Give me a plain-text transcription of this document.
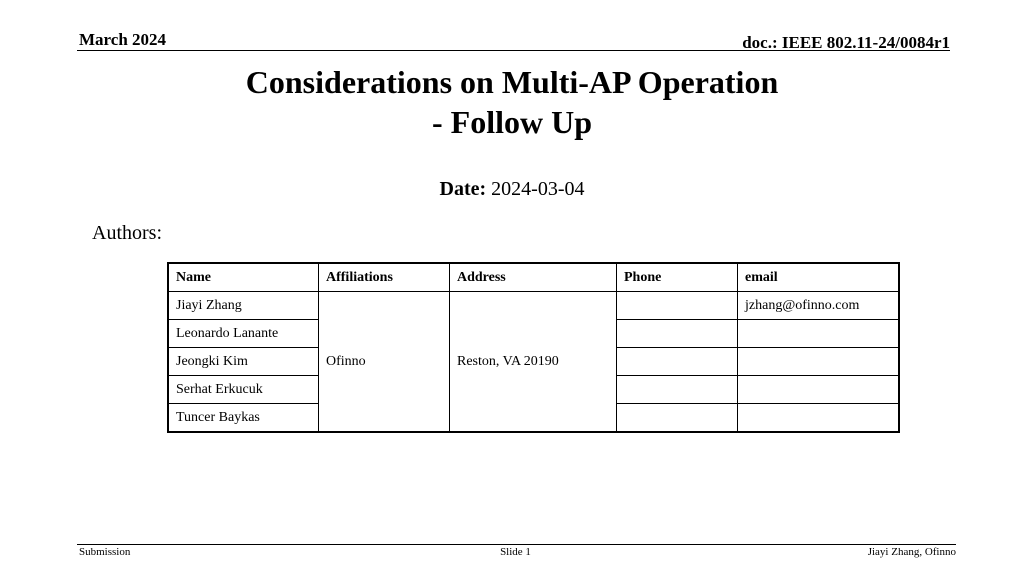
March 2024	doc.: IEEE 802.11-24/0084r1
Considerations on Multi-AP Operation
- Follow Up
Date: 2024-03-04
Authors:
Name	Affiliations	Address	Phone	email
Jiayi Zhang	Ofinno	Reston, VA 20190		jzhang@ofinno.com
Leonardo Lanante				
Jeongki Kim				
Serhat Erkucuk				
Tuncer Baykas				
Submission	Slide 1	Jiayi Zhang, Ofinno
